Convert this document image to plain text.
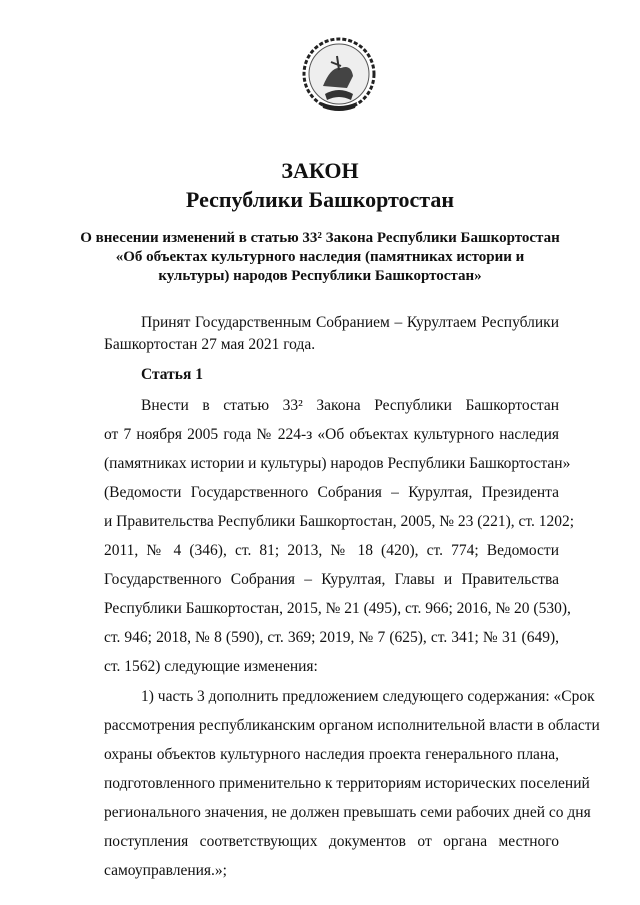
ЗАКОН
Республики Башкортостан
О внесении изменений в статью 33² Закона Республики Башкортостан
«Об объектах культурного наследия (памятниках истории и
культуры) народов Республики Башкортостан»
Принят Государственным Собранием – Курултаем Республики
Башкортостан 27 мая 2021 года.
Статья 1
Внести в статью 33² Закона Республики Башкортостан
от 7 ноября 2005 года № 224-з «Об объектах культурного наследия
(памятниках истории и культуры) народов Республики Башкортостан»
(Ведомости Государственного Собрания – Курултая, Президента
и Правительства Республики Башкортостан, 2005, № 23 (221), ст. 1202;
2011, № 4 (346), ст. 81; 2013, № 18 (420), ст. 774; Ведомости
Государственного Собрания – Курултая, Главы и Правительства
Республики Башкортостан, 2015, № 21 (495), ст. 966; 2016, № 20 (530),
ст. 946; 2018, № 8 (590), ст. 369; 2019, № 7 (625), ст. 341; № 31 (649),
ст. 1562) следующие изменения:
1) часть 3 дополнить предложением следующего содержания: «Срок
рассмотрения республиканским органом исполнительной власти в области
охраны объектов культурного наследия проекта генерального плана,
подготовленного применительно к территориям исторических поселений
регионального значения, не должен превышать семи рабочих дней со дня
поступления соответствующих документов от органа местного
самоуправления.»;
